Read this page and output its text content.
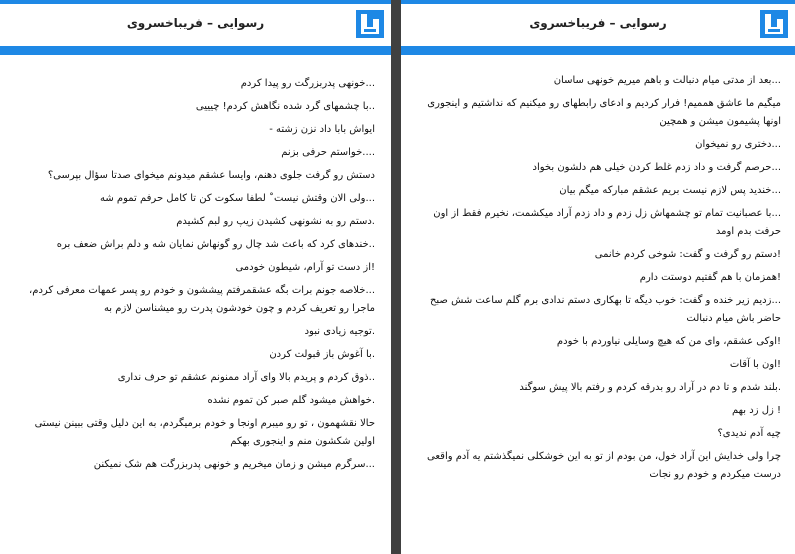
رسوایی – فریباخسروی

...خونهی پدربزرگت رو پیدا کردم

..با چشمهای گرد شده نگاهش کردم! چیییی

ایواش بابا داد نزن زشته -

....خواستم حرفی بزنم

دستش رو گرفت جلوی دهنم، وایسا عشقم میدونم میخوای صدتا سؤال بپرسی؟

...ولی الان وقتش نیست˚ لطفا سکوت کن تا کامل حرفم تموم شه

.دستم رو به نشونهی کشیدن زیپ رو لبم کشیدم

..خندهای کرد که باعث شد چال رو گونهاش نمایان شه و دلم براش ضعف بره

!از دست تو آرام، شیطون خودمی

...خلاصه جونم برات بگه عشقمرفتم پیششون و خودم رو پسر عمهات معرفی کردم، ماجرا رو تعریف کردم و چون خودشون پدرت رو میشناسن لازم به

.توجیه زیادی نبود

.با آغوش باز قبولت کردن

..ذوق کردم و پریدم بالا وای آراد ممنونم عشقم تو حرف نداری

.خواهش میشود گلم صبر کن تموم نشده

حالا نقشهمون ، تو رو میبرم اونجا و خودم برمیگردم، به این دلیل وقتی ببینن نیستی اولین شکشون منم و اینجوری بهکم

...سرگرم میشن و زمان میخریم و خونهی پدربزرگت هم شک نمیکنن

رسوایی – فریباخسروی

...بعد از مدتی میام دنبالت و باهم میریم خونهی ساسان

میگیم ما عاشق هممیم! فرار کردیم و ادعای رابطهای رو میکنیم که نداشتیم و اینجوری اونها پشیمون میشن و همچین

...دختری رو نمیخوان

...حرصم گرفت و داد زدم غلط کردن خیلی هم دلشون بخواد

...خندید پس لازم نیست بریم عشقم مبارکه میگم بیان

...با عصبانیت تمام تو چشمهاش زل زدم و داد زدم آراد میکشمت، نخیرم فقط از اون حرفت بدم اومد

!دستم رو گرفت و گفت: شوخی کردم خانمی

!همزمان با هم گفتیم دوستت دارم

...زدیم زیر خنده و گفت: خوب دیگه تا بهکاری دستم ندادی برم گلم ساعت شش صبح حاضر باش میام دنبالت

!اوکی عشقم، وای من که هیچ وسایلی نیاوردم با خودم

!اون با آقات

.بلند شدم و تا دم در آراد رو بدرقه کردم و رفتم بالا پیش سوگند

! زل زد بهم

چیه آدم ندیدی؟

چرا ولی خدایش این آراد خول، من بودم از تو به این خوشکلی نمیگذشتم یه آدم واقعی درست میکردم و خودم رو نجات
